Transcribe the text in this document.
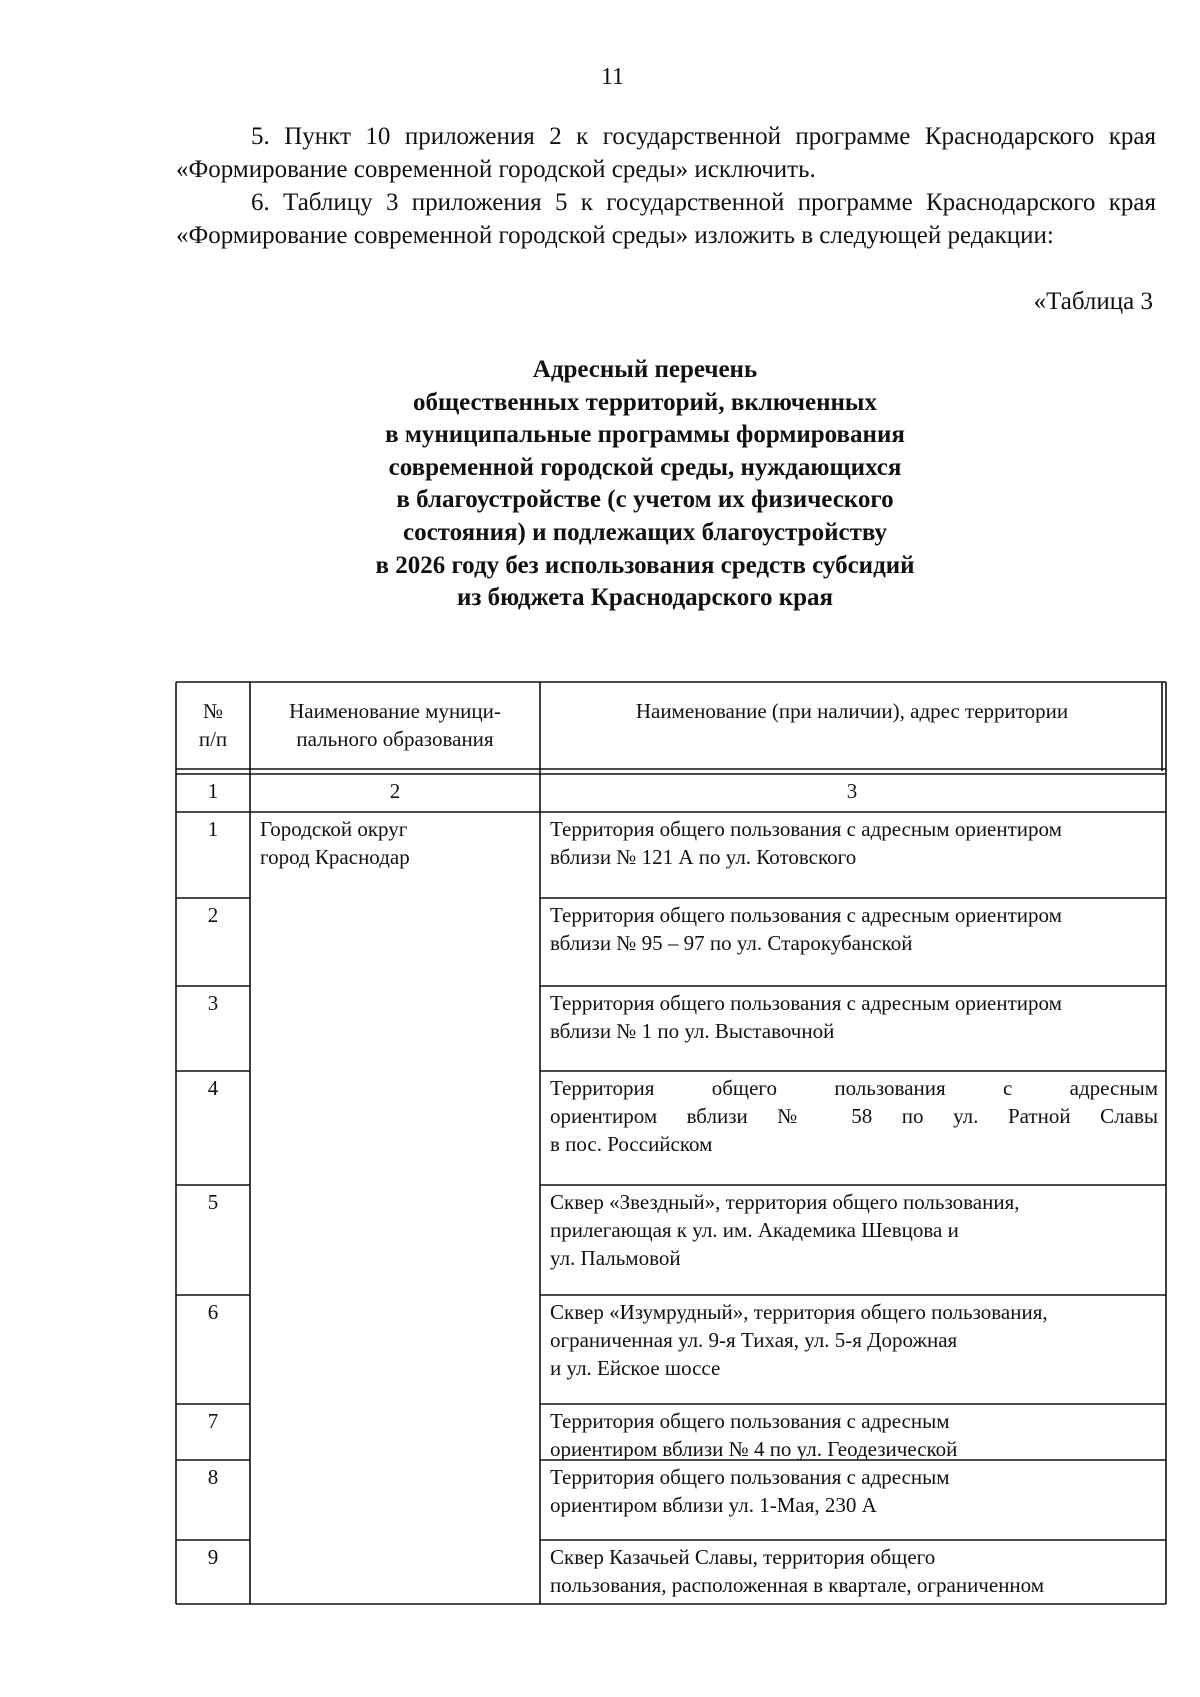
11

5. Пункт 10 приложения 2 к государственной программе Краснодарского края «Формирование современной городской среды» исключить.

6. Таблицу 3 приложения 5 к государственной программе Краснодарского края «Формирование современной городской среды» изложить в следующей редакции:

«Таблица 3
Адресный перечень
общественных территорий, включенных
в муниципальные программы формирования
современной городской среды, нуждающихся
в благоустройстве (с учетом их физического
состояния) и подлежащих благоустройству
в 2026 году без использования средств субсидий
из бюджета Краснодарского края
№
п/п
Наименование муници-
пального образования
Наименование (при наличии), адрес территории
1	2	3
Городской округ
город Краснодар
1
2
3
4
5
6
7
8
9
Территория общего пользования с адресным ориентиром
вблизи № 121 А по ул. Котовского
Территория общего пользования с адресным ориентиром
вблизи № 95 – 97 по ул. Старокубанской
Территория общего пользования с адресным ориентиром
вблизи № 1 по ул. Выставочной
Территория общего пользования с адресным
ориентиром вблизи № 58 по ул. Ратной Славы
в пос. Российском
Сквер «Звездный», территория общего пользования,
прилегающая к ул. им. Академика Шевцова и
ул. Пальмовой
Сквер «Изумрудный», территория общего пользования,
ограниченная ул. 9-я Тихая, ул. 5-я Дорожная
и ул. Ейское шоссе
Территория общего пользования с адресным
ориентиром вблизи № 4 по ул. Геодезической
Территория общего пользования с адресным
ориентиром вблизи ул. 1-Мая, 230 А
Сквер Казачьей Славы, территория общего
пользования, расположенная в квартале, ограниченном
